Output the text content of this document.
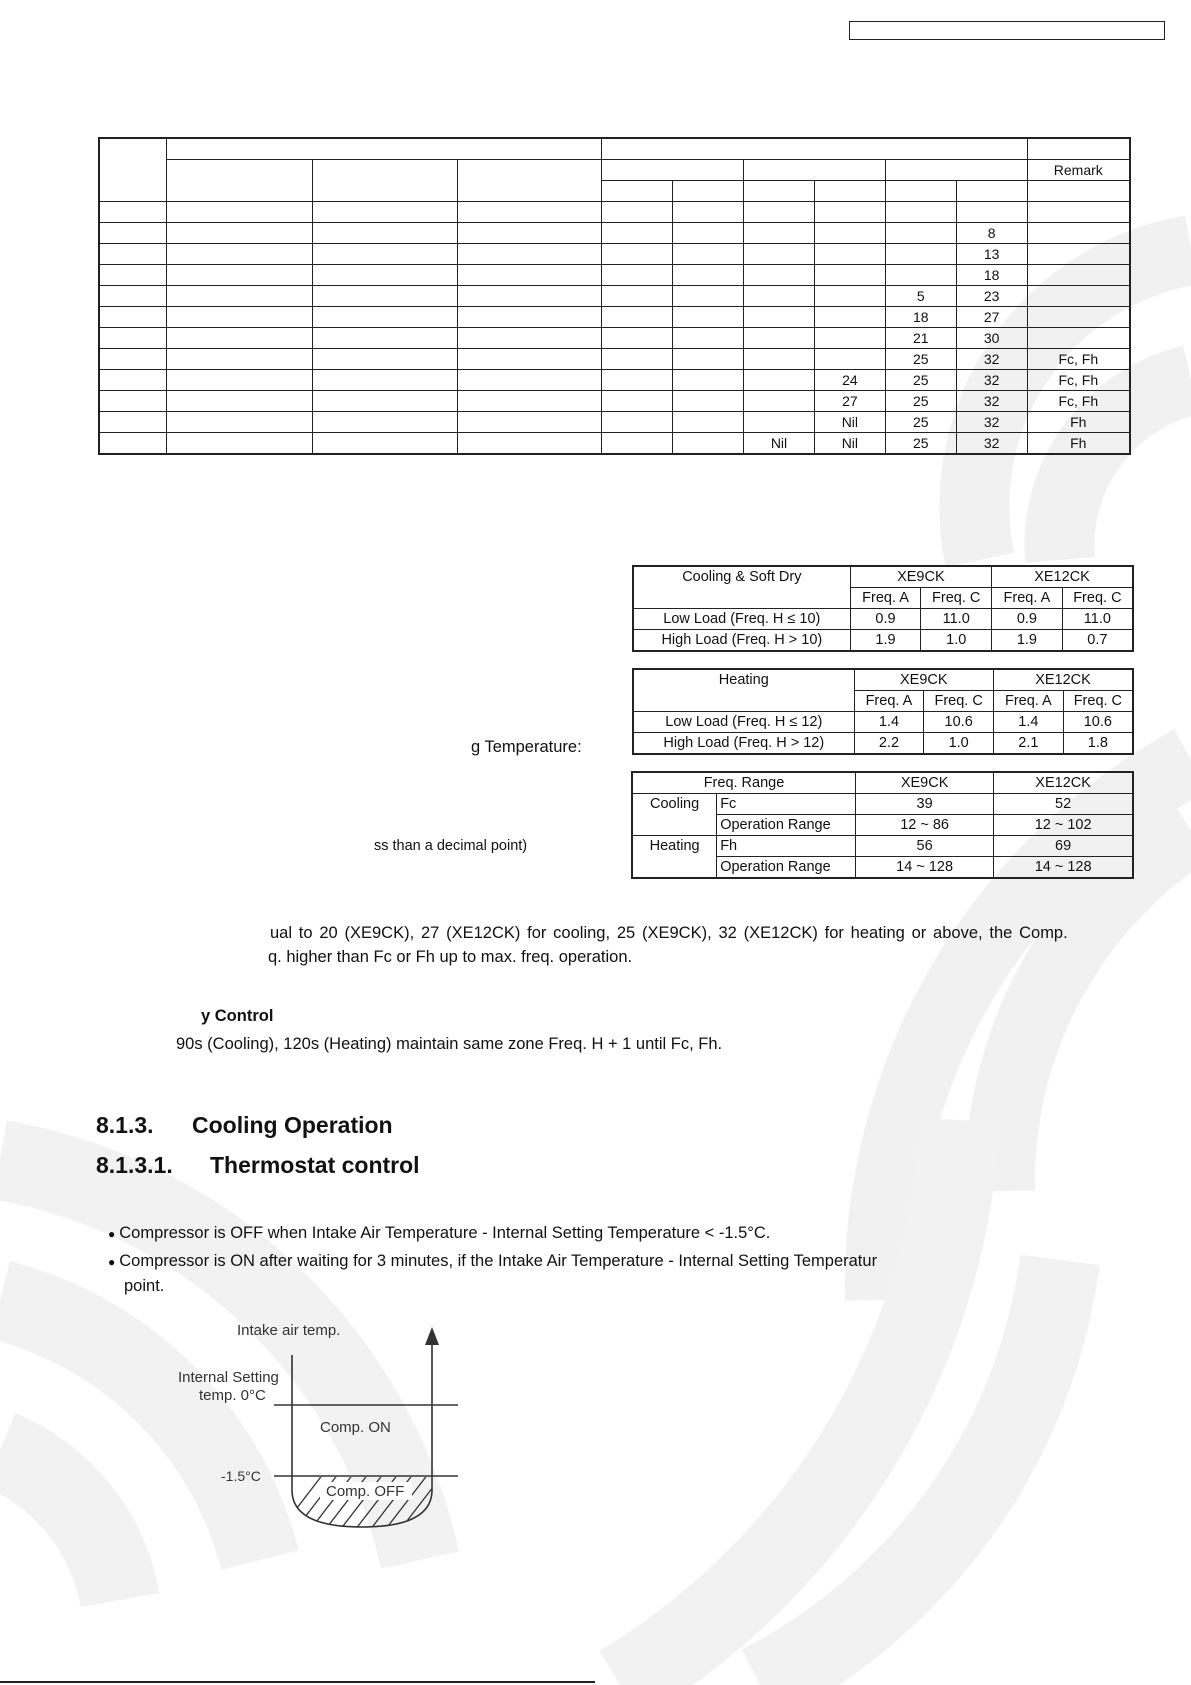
										Remark

									8	
									13	
									18	
								5	23	
								18	27	
								21	30	
								25	32	Fc, Fh
							24	25	32	Fc, Fh
							27	25	32	Fc, Fh
							Nil	25	32	Fh
						Nil	Nil	25	32	Fh
Cooling & Soft Dry	XE9CK		XE12CK	
	Freq. A	Freq. C	Freq. A	Freq. C
Low Load (Freq. H ≤ 10)	0.9	11.0	0.9	11.0
High Load (Freq. H > 10)	1.9	1.0	1.9	0.7
Heating	XE9CK		XE12CK	
	Freq. A	Freq. C	Freq. A	Freq. C
Low Load (Freq. H ≤ 12)	1.4	10.6	1.4	10.6
High Load (Freq. H > 12)	2.2	1.0	2.1	1.8
g Temperature:
Freq. Range		XE9CK	XE12CK
Cooling	Fc	39	52
	Operation Range	12 ~ 86	12 ~ 102
Heating	Fh	56	69
	Operation Range	14 ~ 128	14 ~ 128
ss than a decimal point)
ual to 20 (XE9CK), 27 (XE12CK) for cooling, 25 (XE9CK), 32 (XE12CK) for heating or above, the Comp.
q. higher than Fc or Fh up to max. freq. operation.
y Control
90s (Cooling), 120s (Heating) maintain same zone Freq. H + 1 until Fc, Fh.
8.1.3. Cooling Operation
8.1.3.1. Thermostat control
● Compressor is OFF when Intake Air Temperature - Internal Setting Temperature < -1.5°C.
● Compressor is ON after waiting for 3 minutes, if the Intake Air Temperature - Internal Setting Temperatur
point.
Intake air temp.
Internal Setting
temp. 0°C
Comp. ON
-1.5°C
Comp. OFF
